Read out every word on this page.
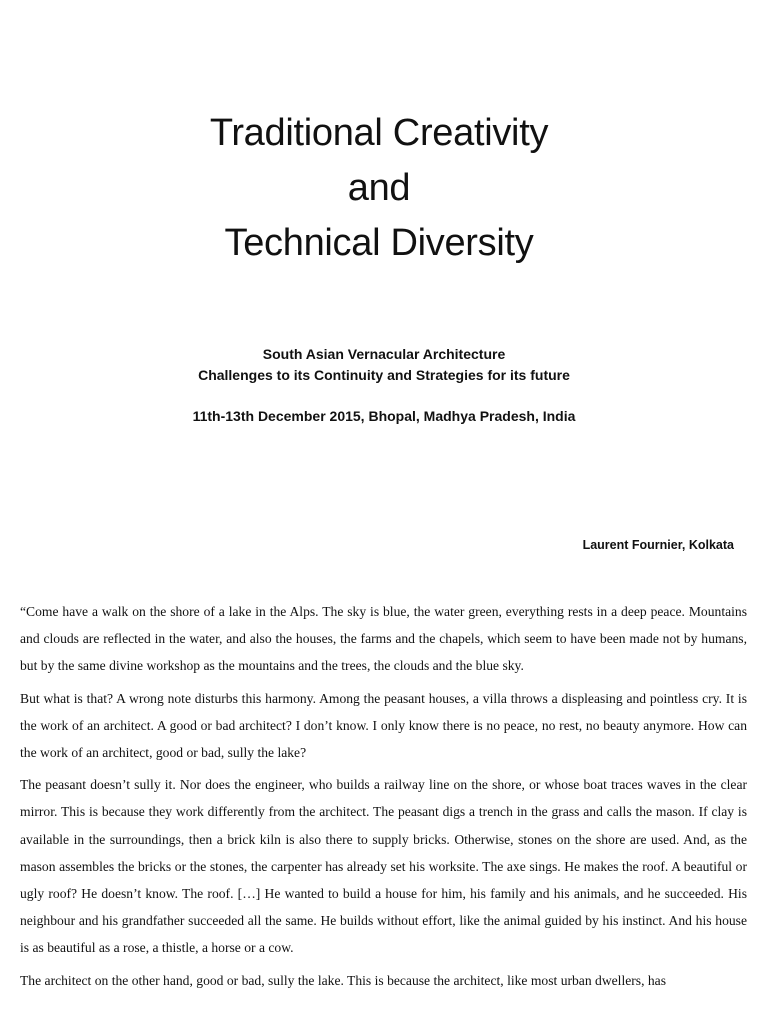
Traditional Creativity
and
Technical Diversity
South Asian Vernacular Architecture
Challenges to its Continuity and Strategies for its future
11th-13th December 2015, Bhopal, Madhya Pradesh, India
Laurent Fournier, Kolkata

“Come have a walk on the shore of a lake in the Alps. The sky is blue, the water green, everything rests in a deep peace. Mountains and clouds are reflected in the water, and also the houses, the farms and the chapels, which seem to have been made not by humans, but by the same divine workshop as the mountains and the trees, the clouds and the blue sky.

But what is that? A wrong note disturbs this harmony. Among the peasant houses, a villa throws a displeasing and pointless cry. It is the work of an architect. A good or bad architect? I don’t know. I only know there is no peace, no rest, no beauty anymore. How can the work of an architect, good or bad, sully the lake?

The peasant doesn’t sully it. Nor does the engineer, who builds a railway line on the shore, or whose boat traces waves in the clear mirror. This is because they work differently from the architect. The peasant digs a trench in the grass and calls the mason. If clay is available in the surroundings, then a brick kiln is also there to supply bricks. Otherwise, stones on the shore are used. And, as the mason assembles the bricks or the stones, the carpenter has already set his worksite. The axe sings. He makes the roof. A beautiful or ugly roof? He doesn’t know. The roof. […] He wanted to build a house for him, his family and his animals, and he succeeded. His neighbour and his grandfather succeeded all the same. He builds without effort, like the animal guided by his instinct. And his house is as beautiful as a rose, a thistle, a horse or a cow.

The architect on the other hand, good or bad, sully the lake. This is because the architect, like most urban dwellers, has
